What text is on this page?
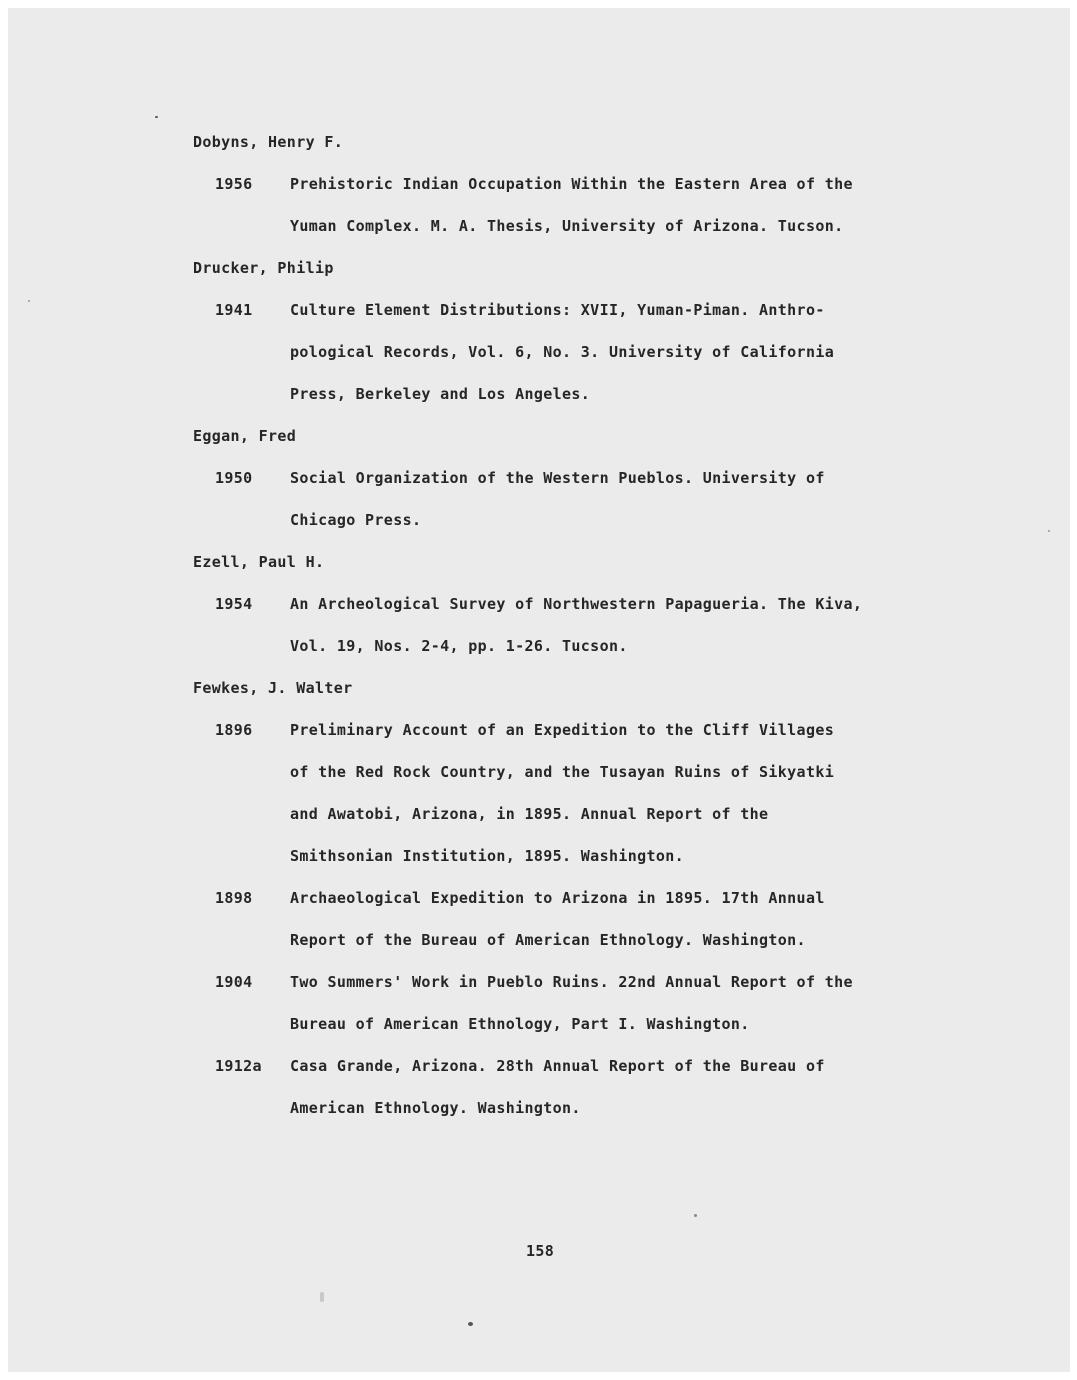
Dobyns, Henry F.
1956 Prehistoric Indian Occupation Within the Eastern Area of the
Yuman Complex. M. A. Thesis, University of Arizona. Tucson.
Drucker, Philip
1941 Culture Element Distributions: XVII, Yuman-Piman. Anthro-
pological Records, Vol. 6, No. 3. University of California
Press, Berkeley and Los Angeles.
Eggan, Fred
1950 Social Organization of the Western Pueblos. University of
Chicago Press.
Ezell, Paul H.
1954 An Archeological Survey of Northwestern Papagueria. The Kiva,
Vol. 19, Nos. 2-4, pp. 1-26. Tucson.
Fewkes, J. Walter
1896 Preliminary Account of an Expedition to the Cliff Villages
of the Red Rock Country, and the Tusayan Ruins of Sikyatki
and Awatobi, Arizona, in 1895. Annual Report of the
Smithsonian Institution, 1895. Washington.
1898 Archaeological Expedition to Arizona in 1895. 17th Annual
Report of the Bureau of American Ethnology. Washington.
1904 Two Summers' Work in Pueblo Ruins. 22nd Annual Report of the
Bureau of American Ethnology, Part I. Washington.
1912a Casa Grande, Arizona. 28th Annual Report of the Bureau of
American Ethnology. Washington.
158
